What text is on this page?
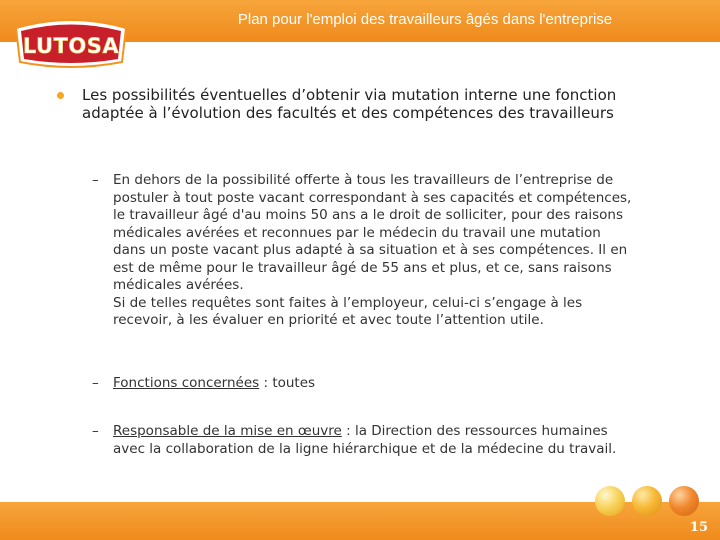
Plan pour l'emploi des travailleurs âgés dans l'entreprise
LUTOSA
Les possibilités éventuelles d’obtenir via mutation interne une fonction adaptée à l’évolution des facultés et des compétences des travailleurs
– En dehors de la possibilité offerte à tous les travailleurs de l’entreprise de postuler à tout poste vacant correspondant à ses capacités et compétences, le travailleur âgé d'au moins 50 ans a le droit de solliciter, pour des raisons médicales avérées et reconnues par le médecin du travail une mutation dans un poste vacant plus adapté à sa situation et à ses compétences. Il en est de même pour le travailleur âgé de 55 ans et plus, et ce, sans raisons médicales avérées.
Si de telles requêtes sont faites à l’employeur, celui-ci s’engage à les recevoir, à les évaluer en priorité et avec toute l’attention utile.
– Fonctions concernées : toutes
– Responsable de la mise en œuvre : la Direction des ressources humaines avec la collaboration de la ligne hiérarchique et de la médecine du travail.
15
